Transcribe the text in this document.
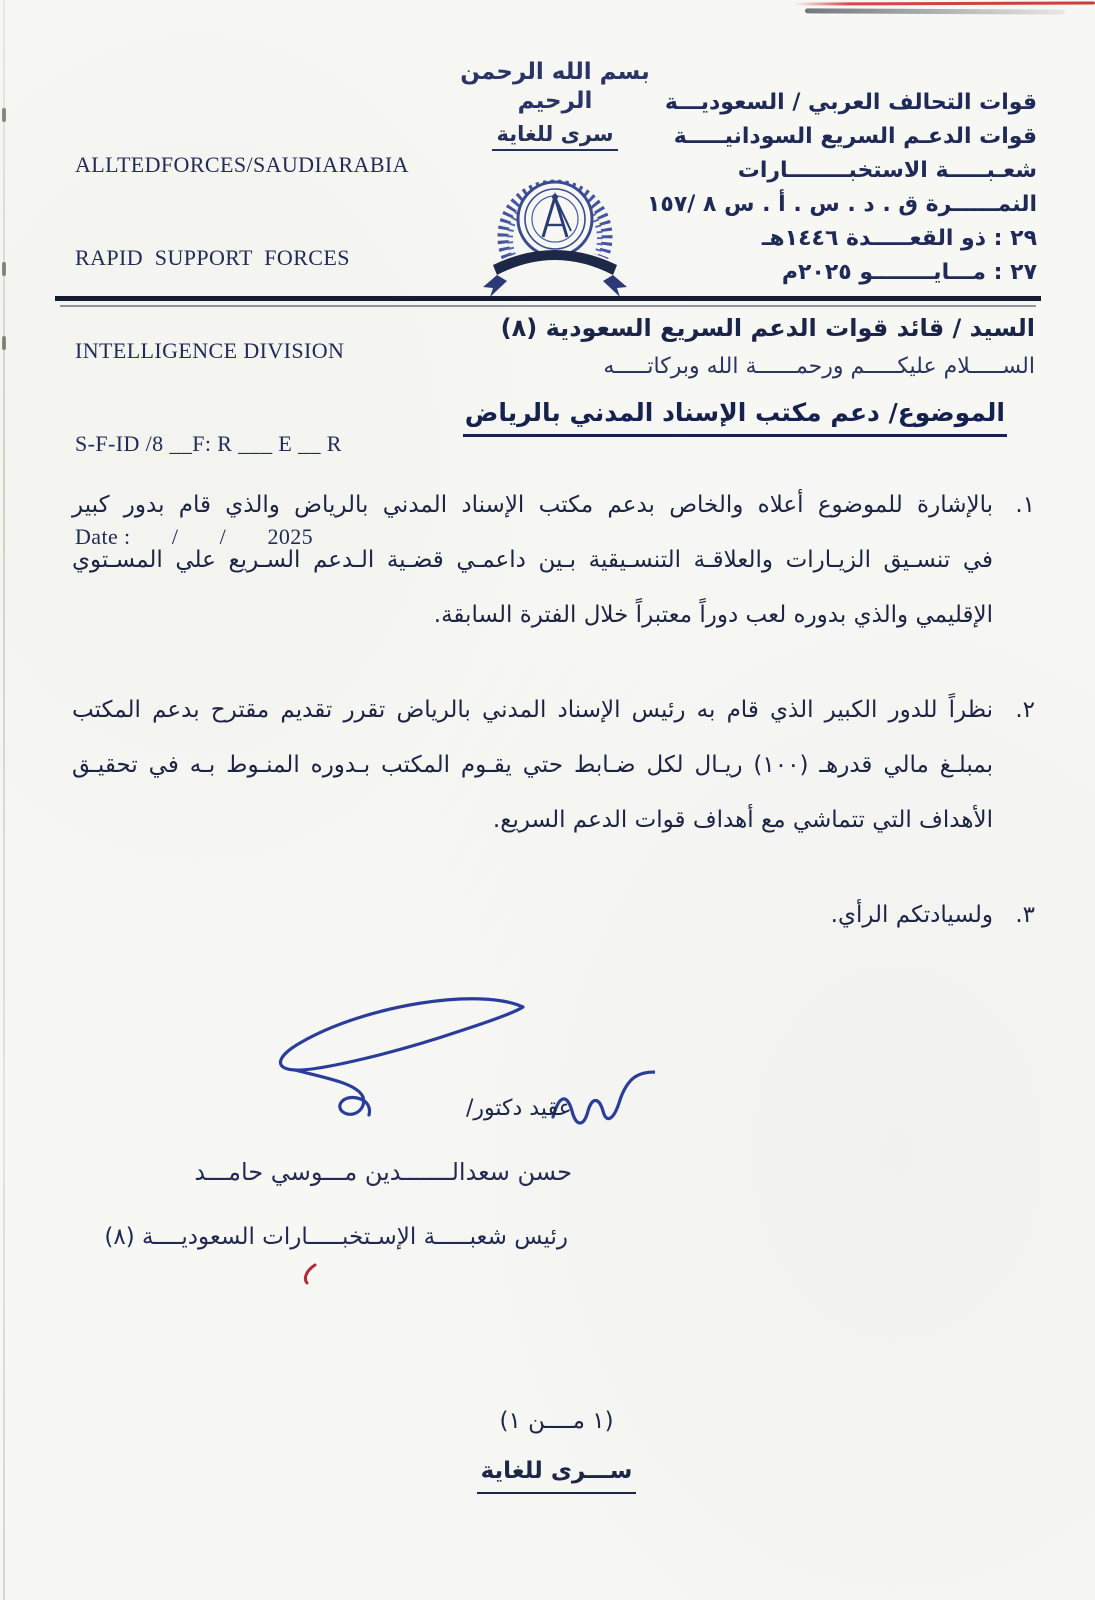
ALLTEDFORCES/SAUDIARABIA

RAPID  SUPPORT  FORCES

INTELLIGENCE DIVISION

S-F-ID /8 __F: R ___ E __ R

Date :       /       /       2025

بسم الله الرحمن الرحيم
سرى للغاية
قوات التحالف العربي / السعوديـــة
قوات الدعـم السريع السودانيـــــة
شعـبـــــة الاستخبــــــــارات
النمــــــرة ق . د . س . أ . س ٨ /١٥٧
٢٩ : ذو القعـــــدة ١٤٤٦هـ
٢٧ : مـــايــــــــو ٢٠٢٥م
السيد / قائد قوات الدعم السريع السعودية (٨)
الســـــلام عليكـــــم ورحمــــــة الله وبركاتـــــه
الموضوع/ دعم مكتب الإسناد المدني بالرياض
١.
بالإشارة للموضوع أعلاه والخاص بدعم مكتب الإسناد المدني بالرياض والذي قام بدور كبير
في تنسـيق الزيـارات والعلاقـة التنسـيقية بـين داعمـي قضـية الـدعم السـريع علي المسـتوي
الإقليمي والذي بدوره لعب دوراً معتبراً خلال الفترة السابقة.
٢.
نظراً للدور الكبير الذي قام به رئيس الإسناد المدني بالرياض تقرر تقديم مقترح بدعم المكتب
بمبلـغ مالي قدرهـ (١٠٠) ريـال لكل ضـابط حتي يقـوم المكتب بـدوره المنـوط بـه في تحقيـق
الأهداف التي تتماشي مع أهداف قوات الدعم السريع.
٣.
ولسيادتكم الرأي.
عقيد دكتور/
حسن سعدالـــــــدين مـــوسي حامـــد
رئيس شعبـــــة الإسـتخبـــــارات السعوديــــة (٨)
(١ مــــن ١)
ســـرى للغاية
